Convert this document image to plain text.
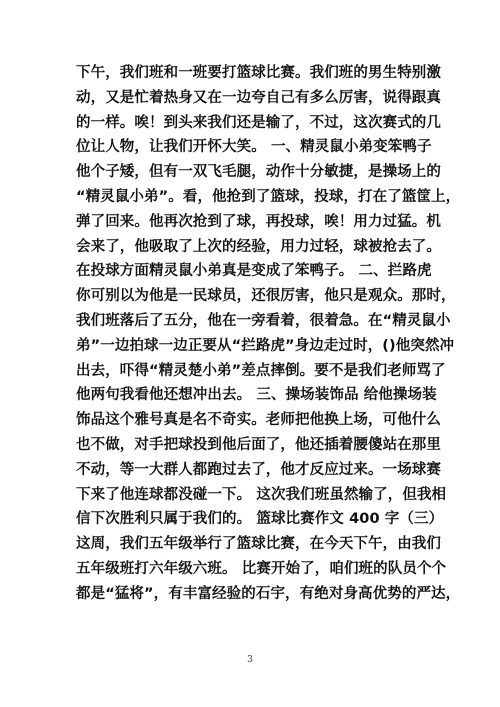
下午，我们班和一班要打篮球比赛。我们班的男生特别激
动，又是忙着热身又在一边夸自己有多么厉害，说得跟真
的一样。唉！到头来我们还是输了，不过，这次赛式的几
位让人物，让我们开怀大笑。 一、精灵鼠小弟变笨鸭子
他个子矮，但有一双飞毛腿，动作十分敏捷，是操场上的
“精灵鼠小弟”。看，他抢到了篮球，投球，打在了篮筐上，
弹了回来。他再次抢到了球，再投球，唉！用力过猛。机
会来了，他吸取了上次的经验，用力过轻，球被抢去了。
在投球方面精灵鼠小弟真是变成了笨鸭子。 二、拦路虎
你可别以为他是一民球员，还很厉害，他只是观众。那时，
我们班落后了五分，他在一旁看着，很着急。在“精灵鼠小
弟”一边拍球一边正要从“拦路虎”身边走过时，()他突然冲
出去，吓得“精灵楚小弟”差点摔倒。要不是我们老师骂了
他两句我看他还想冲出去。 三、操场装饰品 给他操场装
饰品这个雅号真是名不奇实。老师把他换上场，可他什么
也不做，对手把球投到他后面了，他还插着腰傻站在那里
不动，等一大群人都跑过去了，他才反应过来。一场球赛
下来了他连球都没碰一下。 这次我们班虽然输了，但我相
信下次胜利只属于我们的。 篮球比赛作文 400 字（三）
这周，我们五年级举行了篮球比赛，在今天下午，由我们
五年级班打六年级六班。 比赛开始了，咱们班的队员个个
都是“猛将”，有丰富经验的石宇，有绝对身高优势的严达，
3
